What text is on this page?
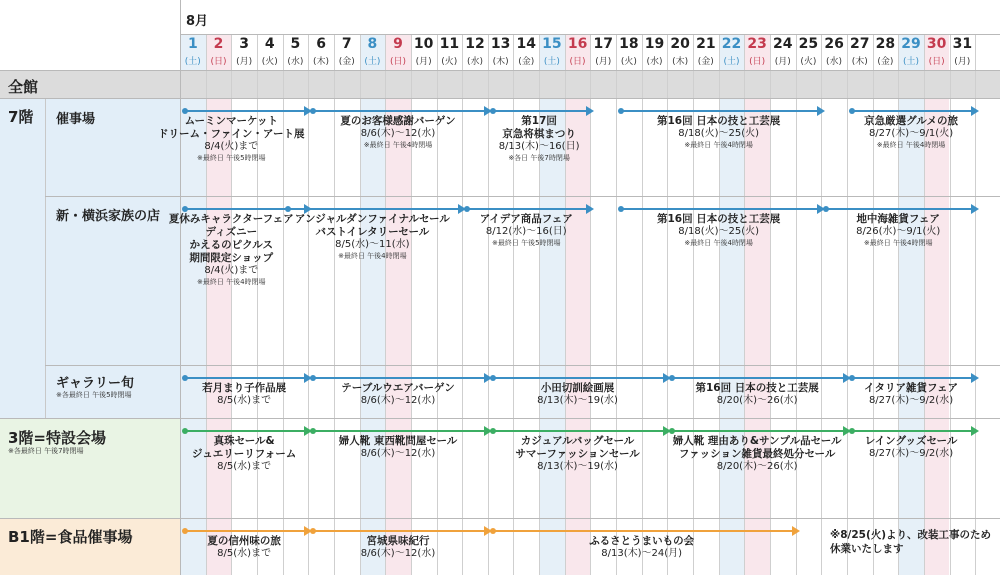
8月
1
(土)
2
(日)
3
(月)
4
(火)
5
(水)
6
(木)
7
(金)
8
(土)
9
(日)
10
(月)
11
(火)
12
(水)
13
(木)
14
(金)
15
(土)
16
(日)
17
(月)
18
(火)
19
(水)
20
(木)
21
(金)
22
(土)
23
(日)
24
(月)
25
(火)
26
(水)
27
(木)
28
(金)
29
(土)
30
(日)
31
(月)
全館
7階 催事場
新・横浜家族の店
ギャラリー旬
※各最終日 午後5時閉場
3階=特設会場
※各最終日 午後7時閉場
B1階=食品催事場
ムーミンマーケット
ドリーム・ファイン・アート展
8/4(火)まで
※最終日 午後5時閉場
夏のお客様感謝バーゲン
8/6(木)〜12(水)
※最終日 午後4時閉場
第17回
京急将棋まつり
8/13(木)〜16(日)
※各日 午後7時閉場
第16回 日本の技と工芸展
8/18(火)〜25(火)
※最終日 午後4時閉場
京急厳選グルメの旅
8/27(木)〜9/1(火)
※最終日 午後4時閉場
夏休みキャラクターフェア
ディズニー
かえるのピクルス
期間限定ショップ
8/4(火)まで
※最終日 午後4時閉場
アンジャルダンファイナルセール
バストイレタリーセール
8/5(水)〜11(水)
※最終日 午後4時閉場
アイデア商品フェア
8/12(水)〜16(日)
※最終日 午後5時閉場
第16回 日本の技と工芸展
8/18(火)〜25(火)
※最終日 午後4時閉場
地中海雑貨フェア
8/26(水)〜9/1(火)
※最終日 午後4時閉場
若月まり子作品展
8/5(水)まで
テーブルウエアバーゲン
8/6(木)〜12(水)
小田切訓絵画展
8/13(木)〜19(水)
第16回 日本の技と工芸展
8/20(木)〜26(水)
イタリア雑貨フェア
8/27(木)〜9/2(水)
真珠セール&
ジュエリーリフォーム
8/5(水)まで
婦人靴 東西靴問屋セール
8/6(木)〜12(水)
カジュアルバッグセール
サマーファッションセール
8/13(木)〜19(水)
婦人靴 理由あり&サンプル品セール
ファッション雑貨最終処分セール
8/20(木)〜26(水)
レイングッズセール
8/27(木)〜9/2(水)
夏の信州味の旅
8/5(水)まで
宮城県味紀行
8/6(木)〜12(水)
ふるさとうまいもの会
8/13(木)〜24(月)
※8/25(火)より、改装工事のため
休業いたします
